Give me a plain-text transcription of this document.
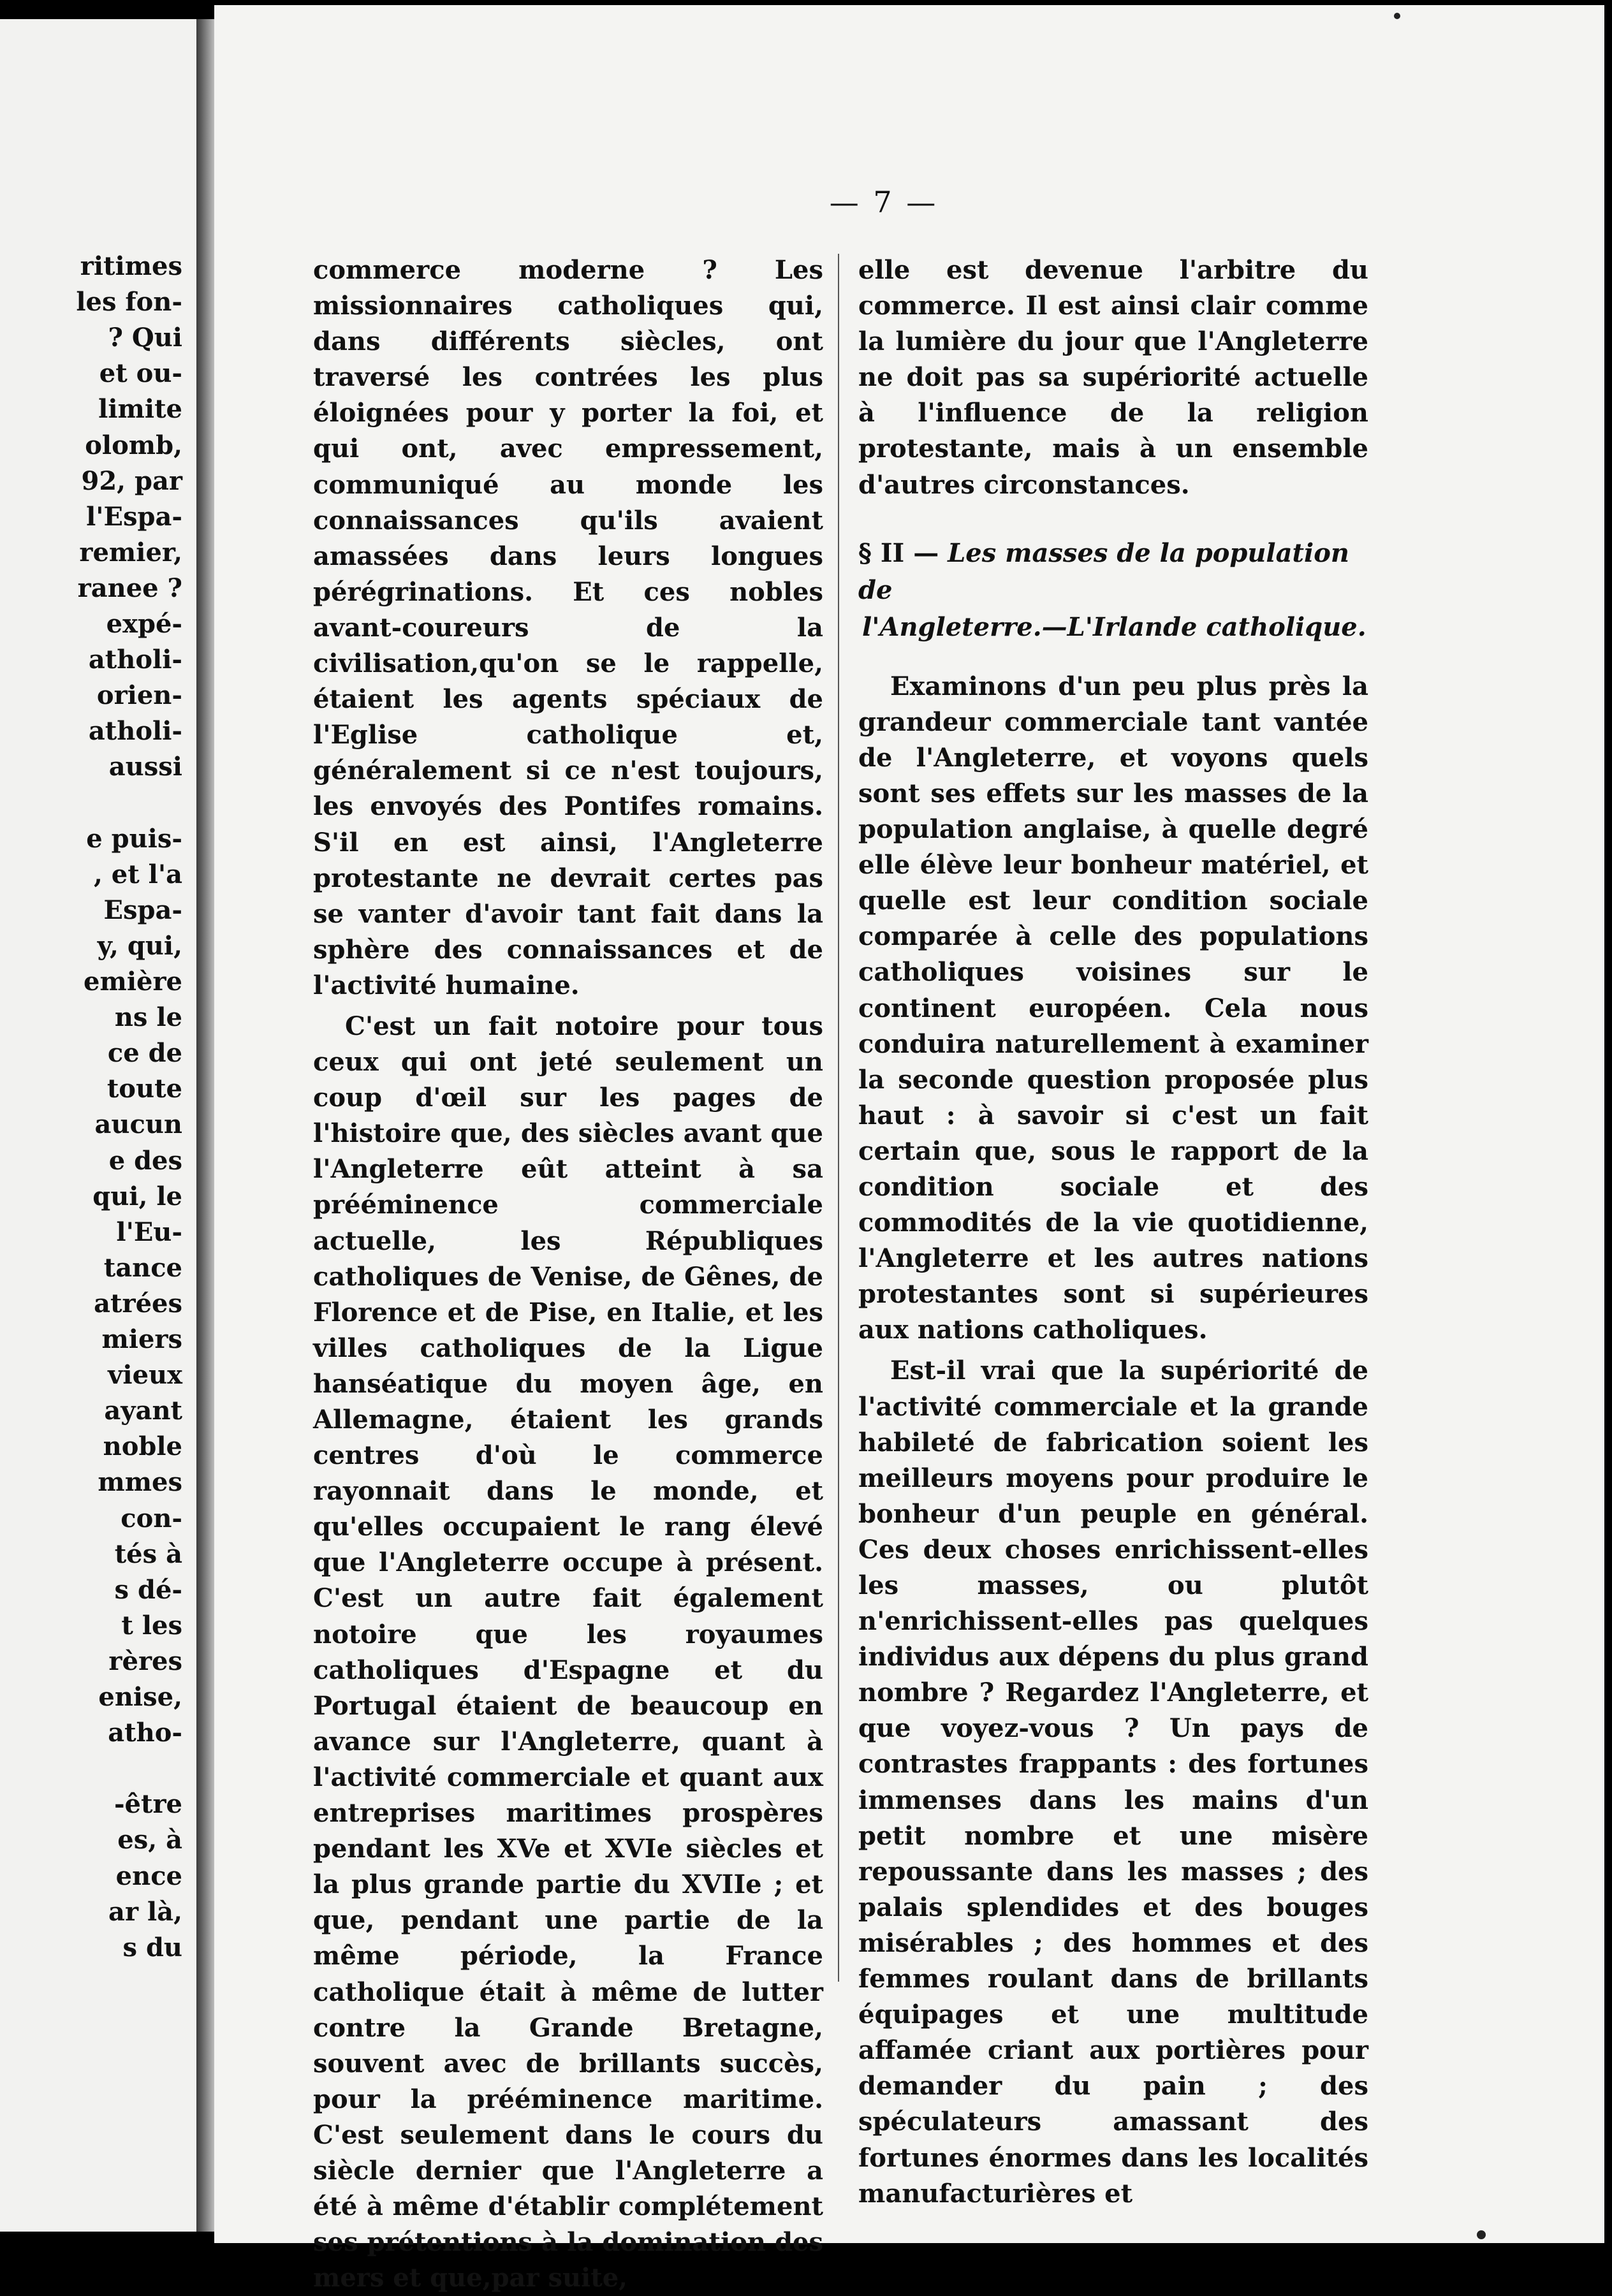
ritimes
les fon-
? Qui
et ou-
limite
olomb,
92, par
l'Espa-
remier,
ranee ?
expé-
atholi-
orien-
atholi-
aussi
e puis-
, et l'a
Espa-
y, qui,
emière
ns le
ce de
toute
aucun
e des
qui, le
l'Eu-
tance
atrées
miers
vieux
ayant
noble
mmes
con-
tés à
s dé-
t les
rères
enise,
atho-
-être
es, à
ence
ar là,
s du
— 7 —

commerce moderne ? Les missionnaires catholiques qui, dans différents siècles, ont traversé les contrées les plus éloignées pour y porter la foi, et qui ont, avec empressement, communiqué au monde les connaissances qu'ils avaient amassées dans leurs longues pérégrinations. Et ces nobles avant-coureurs de la civilisation,qu'on se le rappelle, étaient les agents spéciaux de l'Eglise catholique et, généralement si ce n'est toujours, les envoyés des Pontifes romains. S'il en est ainsi, l'Angleterre protestante ne devrait certes pas se vanter d'avoir tant fait dans la sphère des connaissances et de l'activité humaine.

C'est un fait notoire pour tous ceux qui ont jeté seulement un coup d'œil sur les pages de l'histoire que, des siècles avant que l'Angleterre eût atteint à sa prééminence commerciale actuelle, les Républiques catholiques de Venise, de Gênes, de Florence et de Pise, en Italie, et les villes catholiques de la Ligue hanséatique du moyen âge, en Allemagne, étaient les grands centres d'où le commerce rayonnait dans le monde, et qu'elles occupaient le rang élevé que l'Angleterre occupe à présent. C'est un autre fait également notoire que les royaumes catholiques d'Espagne et du Portugal étaient de beaucoup en avance sur l'Angleterre, quant à l'activité commerciale et quant aux entreprises maritimes prospères pendant les XVe et XVIe siècles et la plus grande partie du XVIIe ; et que, pendant une partie de la même période, la France catholique était à même de lutter contre la Grande Bretagne, souvent avec de brillants succès, pour la prééminence maritime. C'est seulement dans le cours du siècle dernier que l'Angleterre a été à même d'établir complétement ses prétentions à la domination des mers et que,par suite,

elle est devenue l'arbitre du commerce. Il est ainsi clair comme la lumière du jour que l'Angleterre ne doit pas sa supériorité actuelle à l'influence de la religion protestante, mais à un ensemble d'autres circonstances.

§ II — Les masses de la population de
l'Angleterre.—L'Irlande catholique.

Examinons d'un peu plus près la grandeur commerciale tant vantée de l'Angleterre, et voyons quels sont ses effets sur les masses de la population anglaise, à quelle degré elle élève leur bonheur matériel, et quelle est leur condition sociale comparée à celle des populations catholiques voisines sur le continent européen. Cela nous conduira naturellement à examiner la seconde question proposée plus haut : à savoir si c'est un fait certain que, sous le rapport de la condition sociale et des commodités de la vie quotidienne, l'Angleterre et les autres nations protestantes sont si supérieures aux nations catholiques.

Est-il vrai que la supériorité de l'activité commerciale et la grande habileté de fabrication soient les meilleurs moyens pour produire le bonheur d'un peuple en général. Ces deux choses enrichissent-elles les masses, ou plutôt n'enrichissent-elles pas quelques individus aux dépens du plus grand nombre ? Regardez l'Angleterre, et que voyez-vous ? Un pays de contrastes frappants : des fortunes immenses dans les mains d'un petit nombre et une misère repoussante dans les masses ; des palais splendides et des bouges misérables ; des hommes et des femmes roulant dans de brillants équipages et une multitude affamée criant aux portières pour demander du pain ; des spéculateurs amassant des fortunes énormes dans les localités manufacturières et
